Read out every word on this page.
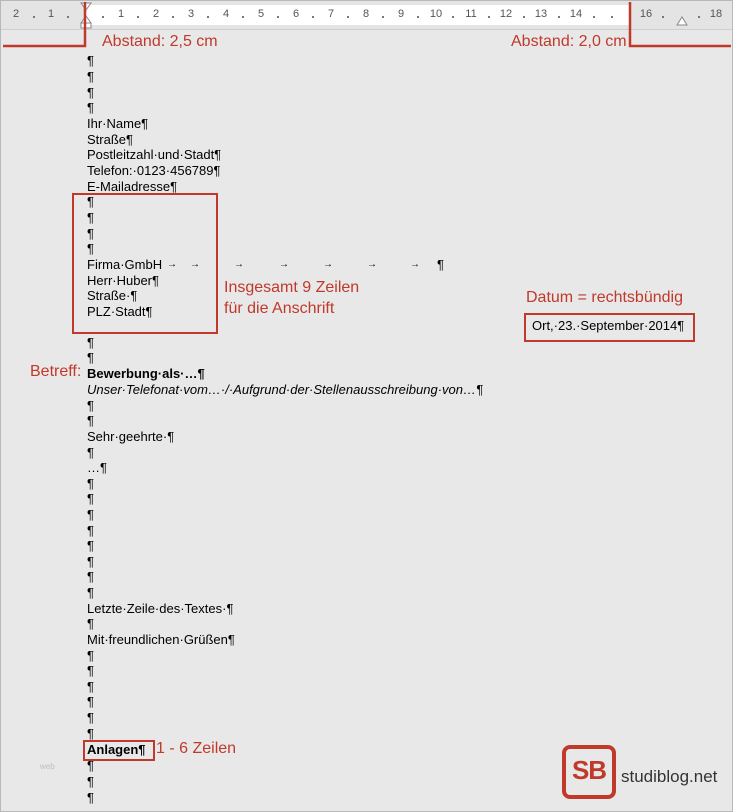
2	1	1	2	3	4	5	6	7	8	9 10 11 12 13 14	16	18
Abstand: 2,5 cm	Abstand: 2,0 cm
¶
¶
¶
¶
Ihr·Name¶
Straße¶
Postleitzahl·und·Stadt¶
Telefon:·0123·456789¶
E-Mailadresse¶
¶
¶
¶
¶
Firma·GmbH → →	→	→	→	→	→ ¶
Herr·Huber¶
Straße·¶
PLZ·Stadt¶
Insgesamt 9 Zeilen
für die Anschrift
Datum = rechtsbündig
Ort,·23.·September·2014¶
¶
¶
Betreff: Bewerbung·als·…¶
Unser·Telefonat·vom…·/·Aufgrund·der·Stellenausschreibung·von…¶
¶
¶
Sehr·geehrte·¶
¶
…¶
¶
¶
¶
¶
¶
¶
¶
¶
Letzte·Zeile·des·Textes·¶
¶
Mit·freundlichen·Grüßen¶
¶
¶
¶
¶
¶
¶
Anlagen¶ 1 - 6 Zeilen
¶
¶
¶
web	SB studiblog.net
